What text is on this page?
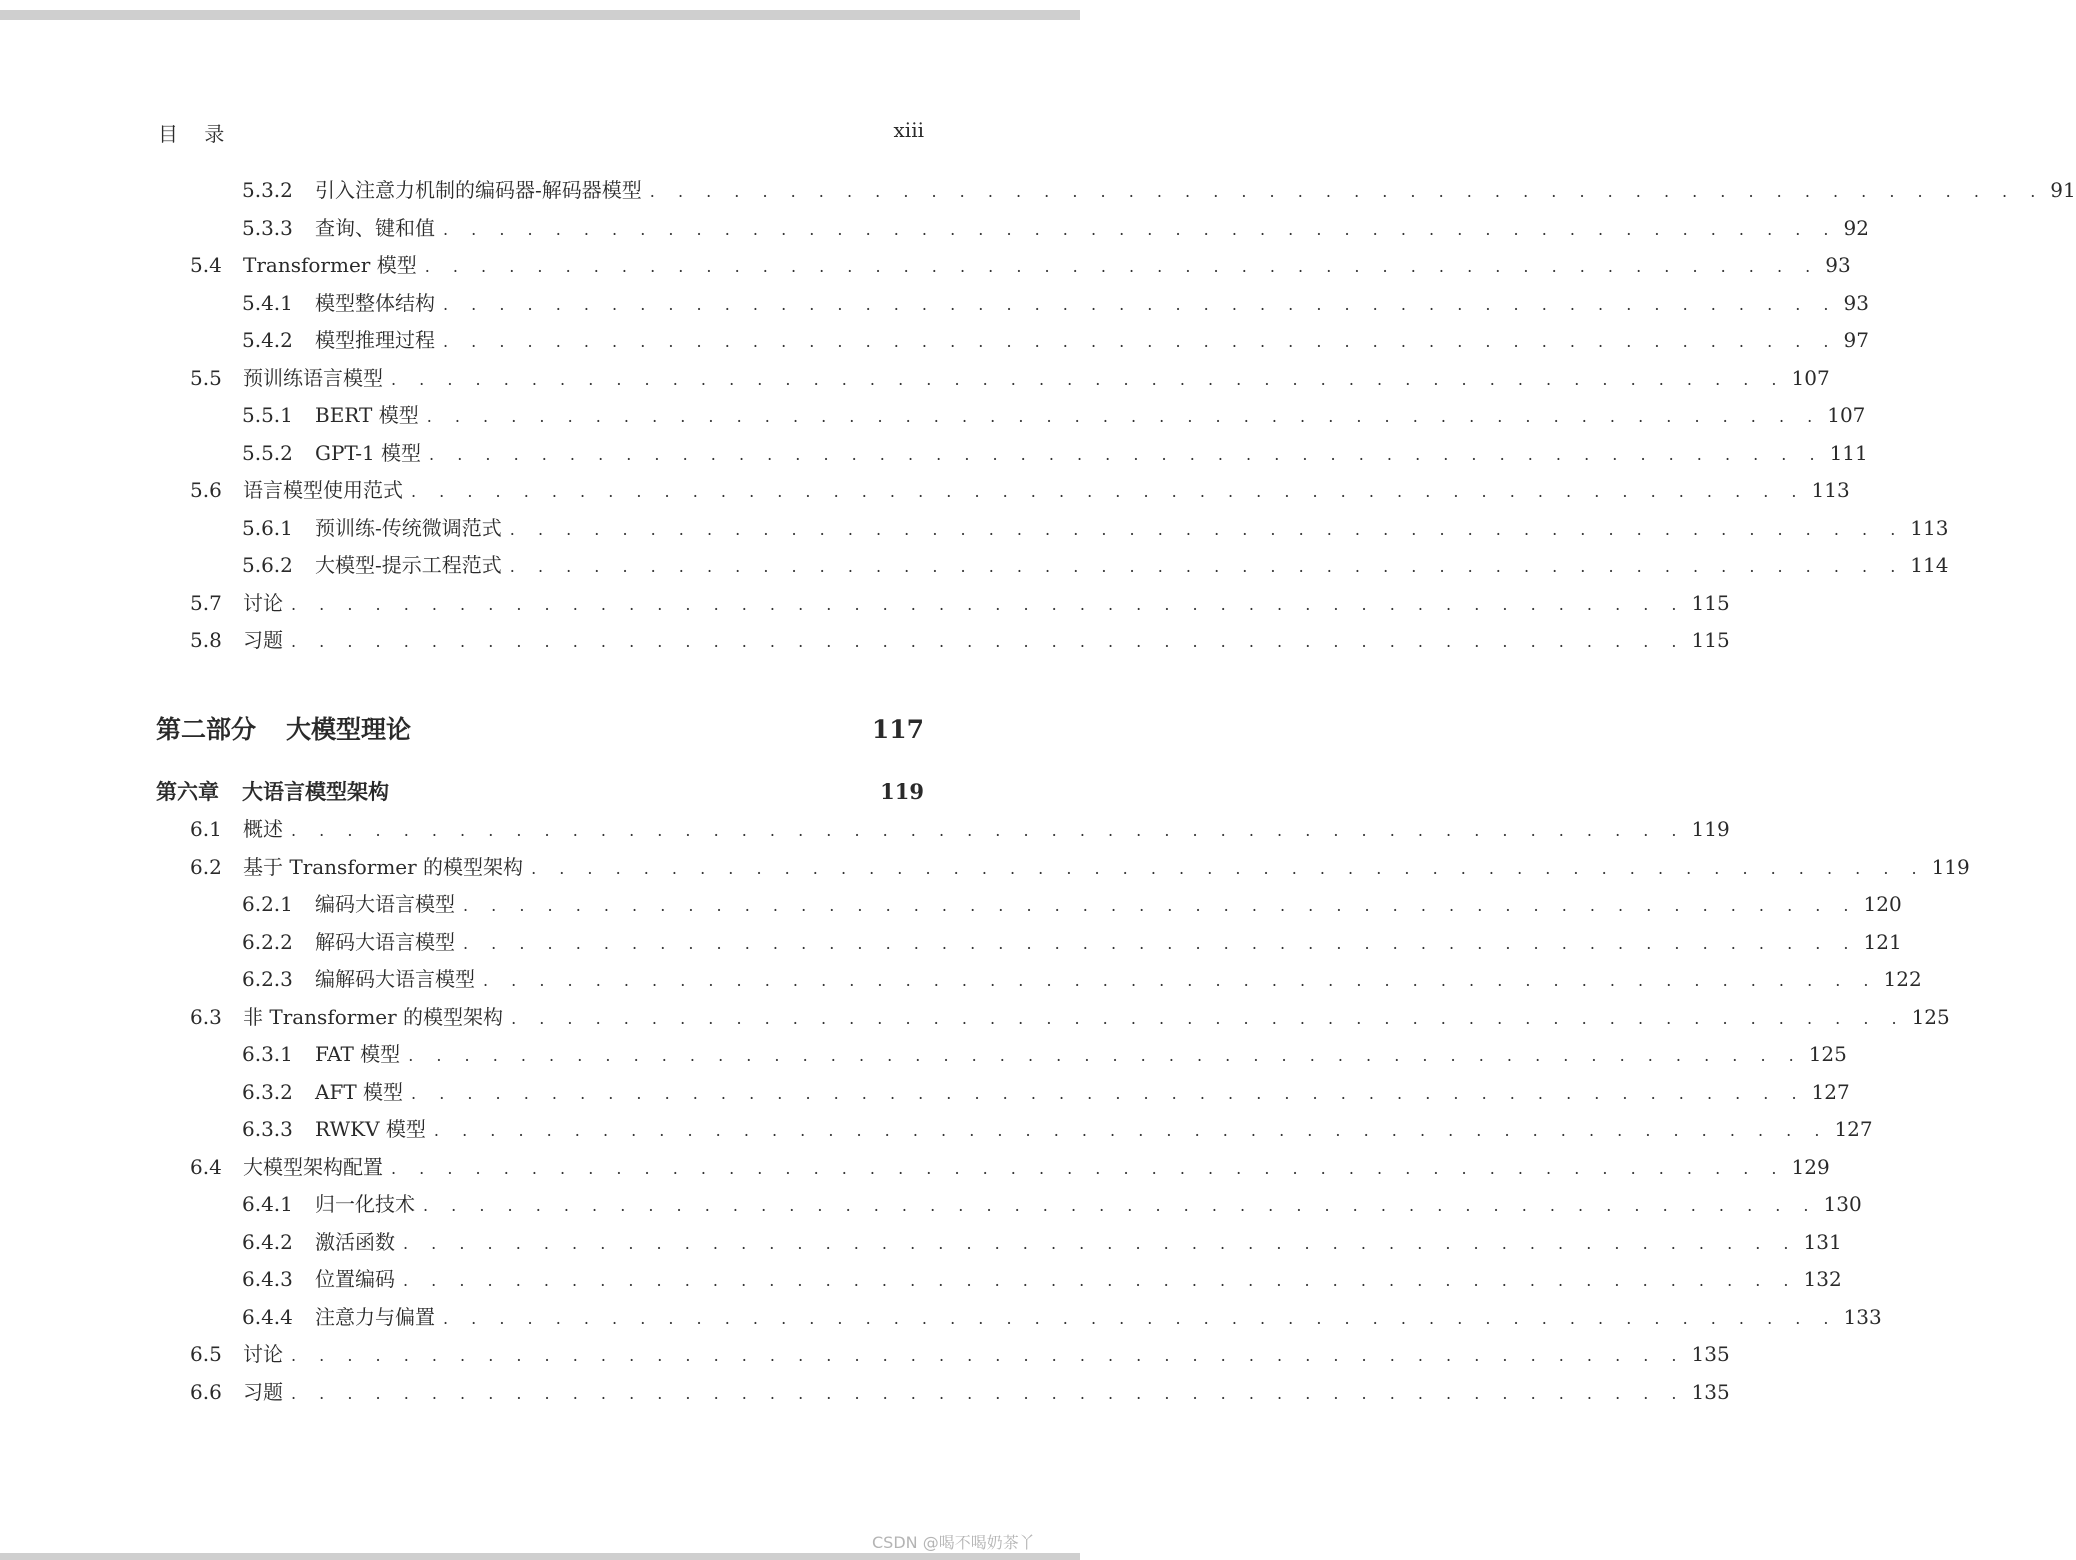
目 录	xiii
5.3.2	引入注意力机制的编码器-解码器模型 . . . . . . . . . . . . . . . . . . . . . . . . . . . . . . . . . . . . . . . . . . . . . . . . . . 91
5.3.3	查询、键和值 . . . . . . . . . . . . . . . . . . . . . . . . . . . . . . . . . . . . . . . . . . . . . . . . . . 92
5.4	Transformer 模型 . . . . . . . . . . . . . . . . . . . . . . . . . . . . . . . . . . . . . . . . . . . . . . . . . . 93
5.4.1	模型整体结构 . . . . . . . . . . . . . . . . . . . . . . . . . . . . . . . . . . . . . . . . . . . . . . . . . . 93
5.4.2	模型推理过程 . . . . . . . . . . . . . . . . . . . . . . . . . . . . . . . . . . . . . . . . . . . . . . . . . . 97
5.5	预训练语言模型 . . . . . . . . . . . . . . . . . . . . . . . . . . . . . . . . . . . . . . . . . . . . . . . . . . 107
5.5.1	BERT 模型 . . . . . . . . . . . . . . . . . . . . . . . . . . . . . . . . . . . . . . . . . . . . . . . . . . 107
5.5.2	GPT-1 模型 . . . . . . . . . . . . . . . . . . . . . . . . . . . . . . . . . . . . . . . . . . . . . . . . . . 111
5.6	语言模型使用范式 . . . . . . . . . . . . . . . . . . . . . . . . . . . . . . . . . . . . . . . . . . . . . . . . . . 113
5.6.1	预训练-传统微调范式 . . . . . . . . . . . . . . . . . . . . . . . . . . . . . . . . . . . . . . . . . . . . . . . . . . 113
5.6.2	大模型-提示工程范式 . . . . . . . . . . . . . . . . . . . . . . . . . . . . . . . . . . . . . . . . . . . . . . . . . . 114
5.7	讨论 . . . . . . . . . . . . . . . . . . . . . . . . . . . . . . . . . . . . . . . . . . . . . . . . . . 115
5.8	习题 . . . . . . . . . . . . . . . . . . . . . . . . . . . . . . . . . . . . . . . . . . . . . . . . . . 115
第二部分	大模型理论	117
第六章	大语言模型架构	119
6.1	概述 . . . . . . . . . . . . . . . . . . . . . . . . . . . . . . . . . . . . . . . . . . . . . . . . . . 119
6.2	基于 Transformer 的模型架构 . . . . . . . . . . . . . . . . . . . . . . . . . . . . . . . . . . . . . . . . . . . . . . . . . . 119
6.2.1	编码大语言模型 . . . . . . . . . . . . . . . . . . . . . . . . . . . . . . . . . . . . . . . . . . . . . . . . . . 120
6.2.2	解码大语言模型 . . . . . . . . . . . . . . . . . . . . . . . . . . . . . . . . . . . . . . . . . . . . . . . . . . 121
6.2.3	编解码大语言模型 . . . . . . . . . . . . . . . . . . . . . . . . . . . . . . . . . . . . . . . . . . . . . . . . . . 122
6.3	非 Transformer 的模型架构 . . . . . . . . . . . . . . . . . . . . . . . . . . . . . . . . . . . . . . . . . . . . . . . . . . 125
6.3.1	FAT 模型 . . . . . . . . . . . . . . . . . . . . . . . . . . . . . . . . . . . . . . . . . . . . . . . . . . 125
6.3.2	AFT 模型 . . . . . . . . . . . . . . . . . . . . . . . . . . . . . . . . . . . . . . . . . . . . . . . . . . 127
6.3.3	RWKV 模型 . . . . . . . . . . . . . . . . . . . . . . . . . . . . . . . . . . . . . . . . . . . . . . . . . . 127
6.4	大模型架构配置 . . . . . . . . . . . . . . . . . . . . . . . . . . . . . . . . . . . . . . . . . . . . . . . . . . 129
6.4.1	归一化技术 . . . . . . . . . . . . . . . . . . . . . . . . . . . . . . . . . . . . . . . . . . . . . . . . . . 130
6.4.2	激活函数 . . . . . . . . . . . . . . . . . . . . . . . . . . . . . . . . . . . . . . . . . . . . . . . . . . 131
6.4.3	位置编码 . . . . . . . . . . . . . . . . . . . . . . . . . . . . . . . . . . . . . . . . . . . . . . . . . . 132
6.4.4	注意力与偏置 . . . . . . . . . . . . . . . . . . . . . . . . . . . . . . . . . . . . . . . . . . . . . . . . . . 133
6.5	讨论 . . . . . . . . . . . . . . . . . . . . . . . . . . . . . . . . . . . . . . . . . . . . . . . . . . 135
6.6	习题 . . . . . . . . . . . . . . . . . . . . . . . . . . . . . . . . . . . . . . . . . . . . . . . . . . 135
CSDN @喝不喝奶茶丫
